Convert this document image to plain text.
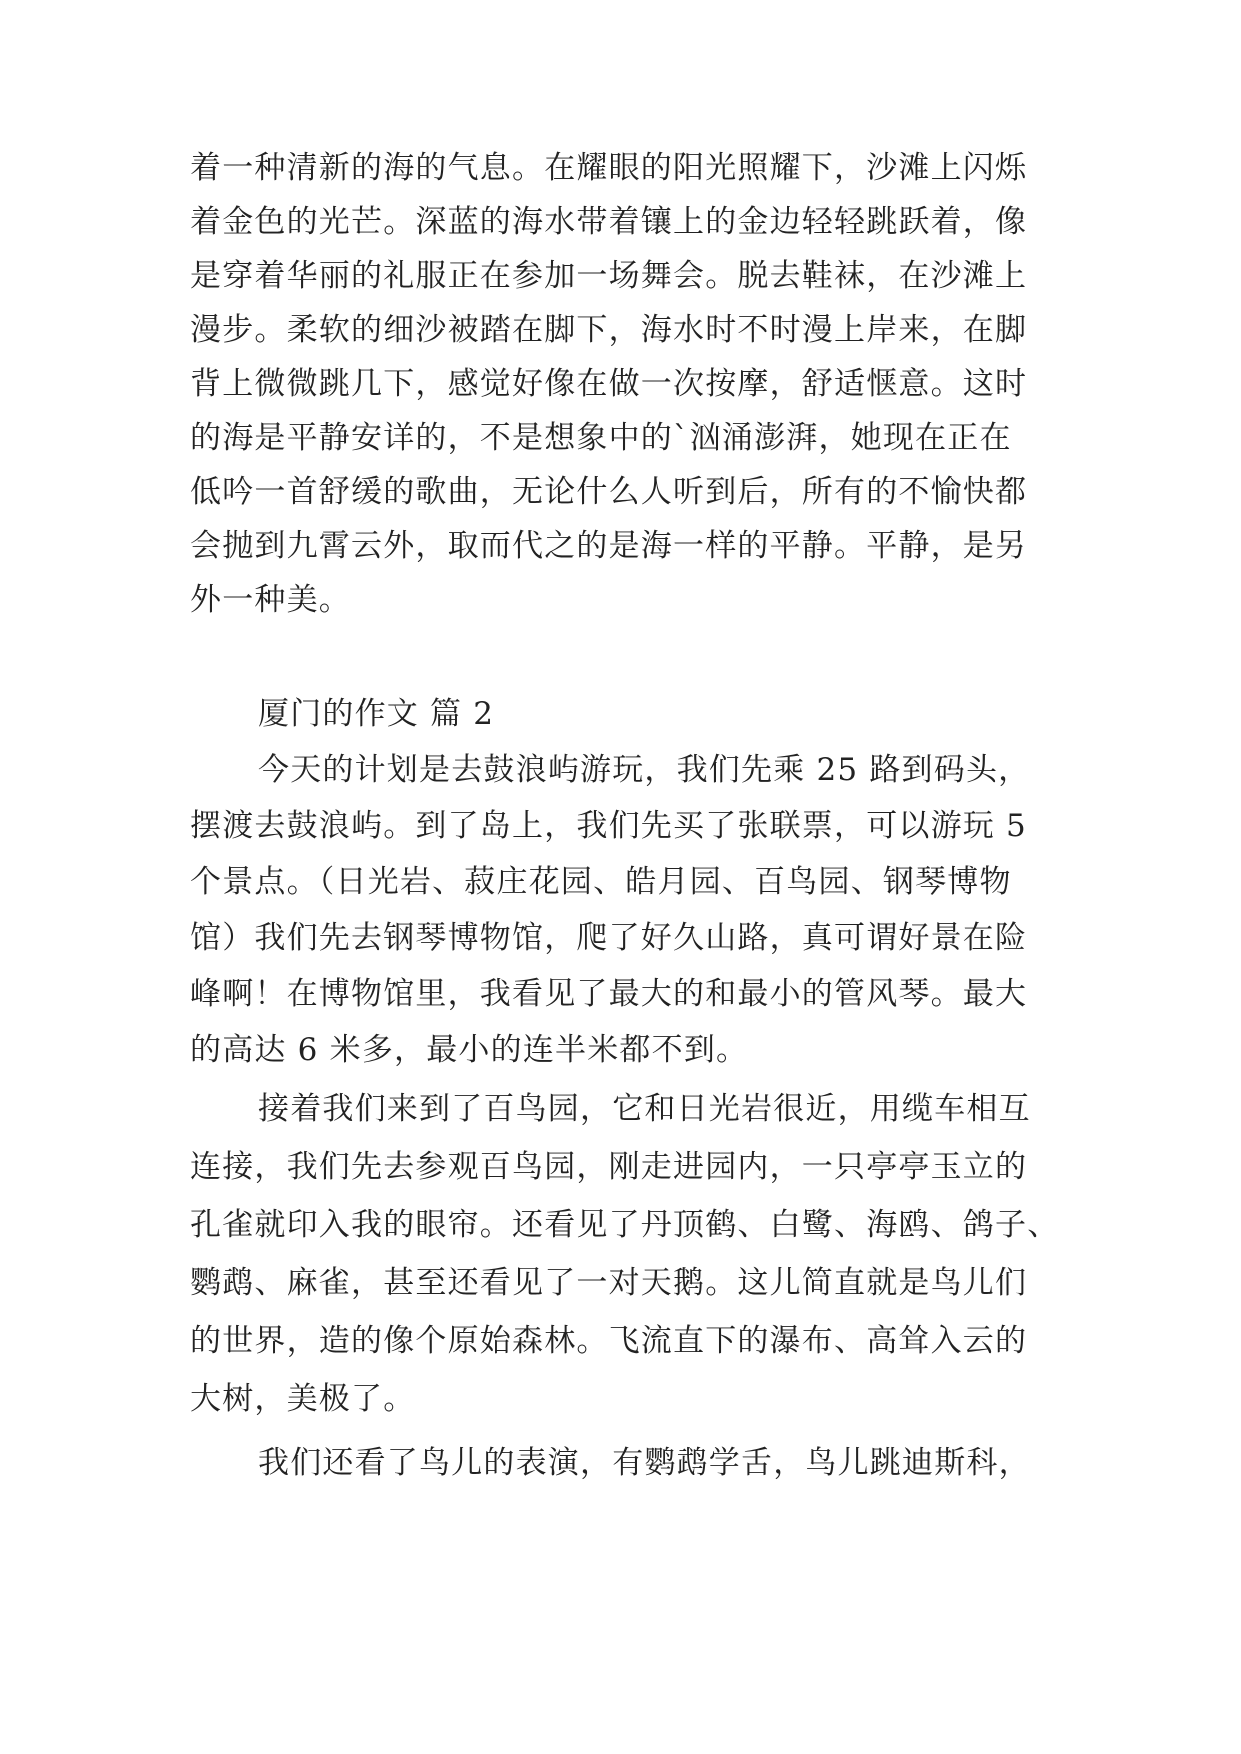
着一种清新的海的气息。在耀眼的阳光照耀下，沙滩上闪烁
着金色的光芒。深蓝的海水带着镶上的金边轻轻跳跃着，像
是穿着华丽的礼服正在参加一场舞会。脱去鞋袜，在沙滩上
漫步。柔软的细沙被踏在脚下，海水时不时漫上岸来，在脚
背上微微跳几下，感觉好像在做一次按摩，舒适惬意。这时
的海是平静安详的，不是想象中的`汹涌澎湃，她现在正在
低吟一首舒缓的歌曲，无论什么人听到后，所有的不愉快都
会抛到九霄云外，取而代之的是海一样的平静。平静，是另
外一种美。
厦门的作文 篇 2
今天的计划是去鼓浪屿游玩，我们先乘 25 路到码头，
摆渡去鼓浪屿。到了岛上，我们先买了张联票，可以游玩 5
个景点。（日光岩、菽庄花园、皓月园、百鸟园、钢琴博物
馆）我们先去钢琴博物馆，爬了好久山路，真可谓好景在险
峰啊！在博物馆里，我看见了最大的和最小的管风琴。最大
的高达 6 米多，最小的连半米都不到。
接着我们来到了百鸟园，它和日光岩很近，用缆车相互
连接，我们先去参观百鸟园，刚走进园内，一只亭亭玉立的
孔雀就印入我的眼帘。还看见了丹顶鹤、白鹭、海鸥、鸽子、
鹦鹉、麻雀，甚至还看见了一对天鹅。这儿简直就是鸟儿们
的世界，造的像个原始森林。飞流直下的瀑布、高耸入云的
大树，美极了。
我们还看了鸟儿的表演，有鹦鹉学舌，鸟儿跳迪斯科，
